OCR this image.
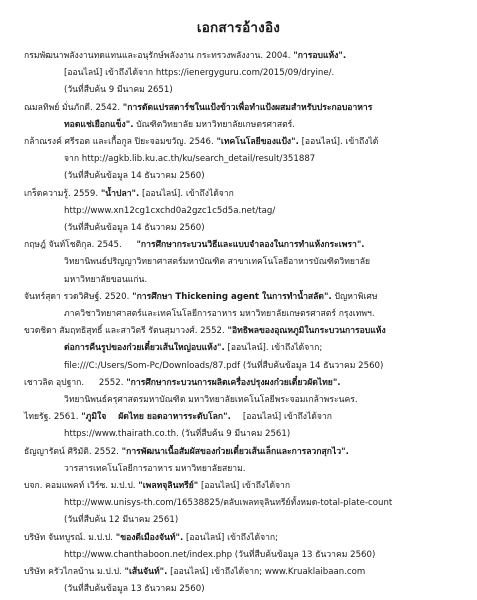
เอกสารอ้างอิง
กรมพัฒนาพลังงานทดแทนและอนุรักษ์พลังงาน กระทรวงพลังงาน. 2004. "การอบแห้ง".
[ออนไลน์] เข้าถึงได้จาก https://ienergyguru.com/2015/09/dryine/.
(วันที่สืบค้น 9 มีนาคม 2651)
ณมลทิพย์ มั่นภักดี. 2542. "การดัดแปรสตาร์ชในแป้งข้าวเพื่อทำแป้งผสมสำหรับประกอบอาหาร
ทอดแช่เยือกแข็ง". บัณฑิตวิทยาลัย มหาวิทยาลัยเกษตรศาสตร์.
กล้าณรงค์ ศรีรอต และเกื้อกูล ปิยะจอมขวัญ. 2546. "เทคโนโลยีของแป้ง". [ออนไลน์]. เข้าถึงได้
จาก http://agkb.lib.ku.ac.th/ku/search_detail/result/351887
(วันที่สืบค้นข้อมูล 14 ธันวาคม 2560)
เกร็ดความรู้. 2559. "น้ำปลา". [ออนไลน์]. เข้าถึงได้จาก
http://www.xn12cg1cxchd0a2gzc1c5d5a.net/tag/
(วันที่สืบค้นข้อมูล 14 ธันวาคม 2560)
กฤษฎ์ จันท์โชติกุล. 2545. "การศึกษากระบวนวิธีและแบบจำลองในการทำแห้งกระเพรา".
วิทยานิพนธ์ปริญญาวิทยาศาสตร์มหาบัณฑิต สาขาเทคโนโลยีอาหารบัณฑิตวิทยาลัย
มหาวิทยาลัยขอนแก่น.
จันทร์สุดา รวดวิศิษฐ์. 2520. "การศึกษา Thickening agent ในการทำน้ำสลัด". ปัญหาพิเศษ
ภาควิชาวิทยาศาสตร์และเทคโนโลยีการอาหาร มหาวิทยาลัยเกษตรศาสตร์ กรุงเทพฯ.
ขวดชิดา สัมฤทธิสุทธิ์ และสาวิตรี รัตนสุมาวงศ์. 2552. "อิทธิพลของอุณหภูมิในกระบวนการอบแห้ง
ต่อการคืนรูปของก๋วยเตี๋ยวเส้นใหญ่อบแห้ง". [ออนไลน์]. เข้าถึงได้จาก;
file:///C:/Users/Som-Pc/Downloads/87.pdf (วันที่สืบค้นข้อมูล 14 ธันวาคม 2560)
เชาวลิต อุปฐาก. 2552. "การศึกษากระบวนการผลิตเครื่องปรุงผงก๋วยเตี๋ยวผัดไทย".
วิทยานิพนธ์ครุศาสตรมหาบัณฑิต มหาวิทยาลัยเทคโนโลยีพระจอมเกล้าพระนคร.
ไทยรัฐ. 2561. "ภูมิใจ ผัดไทย ยอดอาหารระดับโลก". [ออนไลน์] เข้าถึงได้จาก
https://www.thairath.co.th. (วันที่สืบค้น 9 มีนาคม 2561)
ธัญญารัตน์ ศิริมัติ. 2552. "การพัฒนาเนื้อสัมผัสของก๋วยเตี๋ยวเส้นเล็กและการลวกสุกไว".
วารสารเทคโนโลยีการอาหาร มหาวิทยาลัยสยาม.
บจก. คอมแพคท์ เวิร์ซ. ม.ป.ป. "เพลทจุลินทรีย์" [ออนไลน์] เข้าถึงได้จาก
http://www.unisys-th.com/16538825/ตลับเพลทจุลินทรีย์ทั้งหมด-total-plate-count
(วันที่สืบค้น 12 มีนาคม 2561)
บริษัท จันทบูรณ์. ม.ป.ป. "ของดีเมืองจันท์". [ออนไลน์] เข้าถึงได้จาก;
http://www.chanthaboon.net/index.php (วันที่สืบค้นข้อมูล 13 ธันวาคม 2560)
บริษัท ครัวไกลบ้าน ม.ป.ป. "เส้นจันท์". [ออนไลน์] เข้าถึงได้จาก; www.Kruaklaibaan.com
(วันที่สืบค้นข้อมูล 13 ธันวาคม 2560)
